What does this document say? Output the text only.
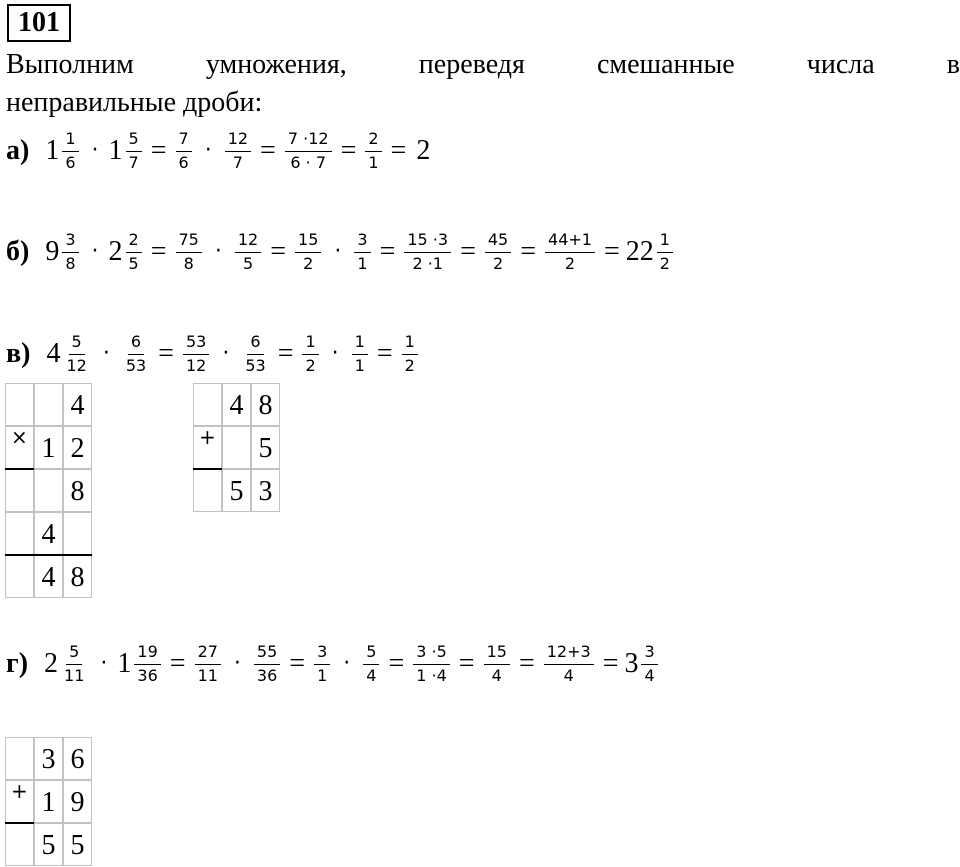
101
Выполним умножения, переведя смешанные числа в
неправильные дроби:
а) $1 \frac{1}{6} \cdot 1 \frac{5}{7} = \frac{7}{6} \cdot \frac{12}{7} = \frac{7 \cdot 12}{6 \cdot 7} = \frac{2}{1} = 2$
б) $9 \frac{3}{8} \cdot 2 \frac{2}{5} = \frac{75}{8} \cdot \frac{12}{5} = \frac{15}{2} \cdot \frac{3}{1} = \frac{15 \cdot 3}{2 \cdot 1} = \frac{45}{2} = \frac{44+1}{2} = 22 \frac{1}{2}$
в) $4 \frac{5}{12} \cdot \frac{6}{53} = \frac{53}{12} \cdot \frac{6}{53} = \frac{1}{2} \cdot \frac{1}{1} = \frac{1}{2}$
г) $2 \frac{5}{11} \cdot 1 \frac{19}{36} = \frac{27}{11} \cdot \frac{55}{36} = \frac{3}{1} \cdot \frac{5}{4} = \frac{3 \cdot 5}{1 \cdot 4} = \frac{15}{4} = \frac{12+3}{4} = 3 \frac{3}{4}$
4
1 2
8
4
4 8
×
4 8
5
5 3
+
3 6
1 9
5 5
+
